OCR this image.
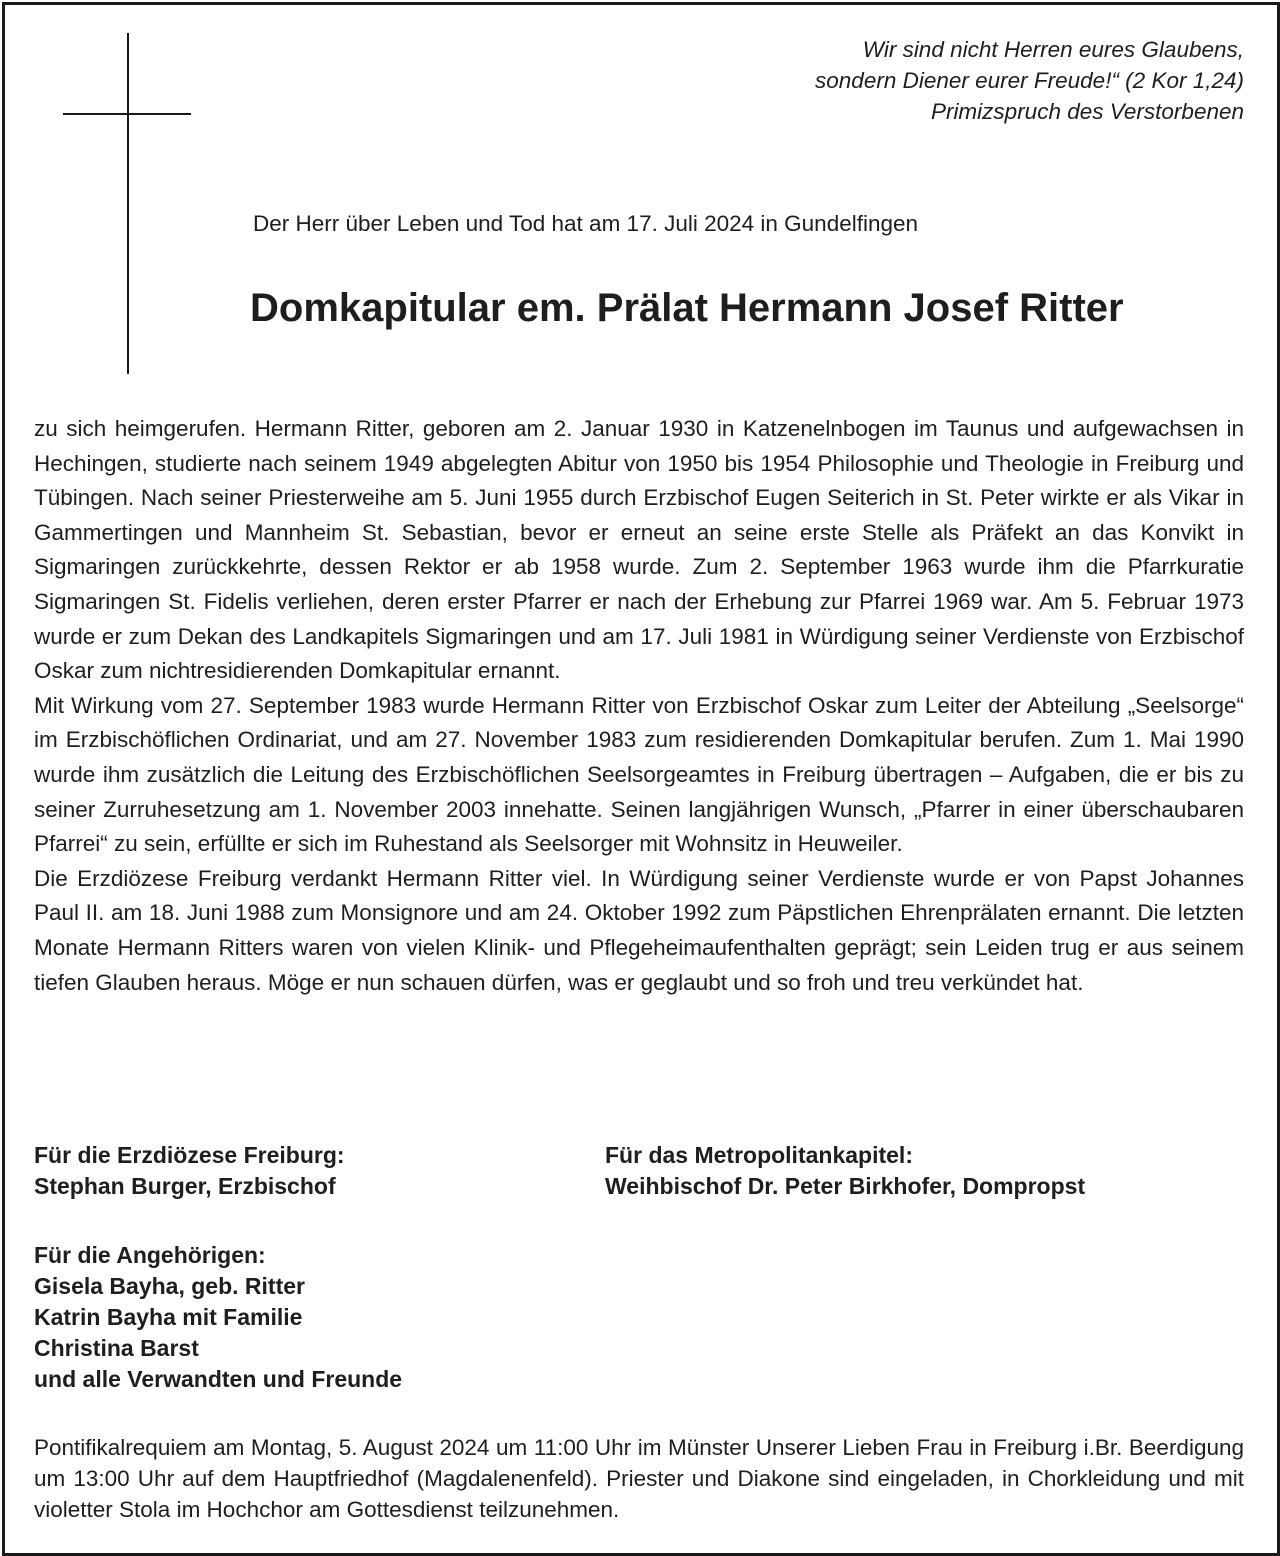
Wir sind nicht Herren eures Glaubens,
sondern Diener eurer Freude!“ (2 Kor 1,24)
Primizspruch des Verstorbenen
Der Herr über Leben und Tod hat am 17. Juli 2024 in Gundelfingen
Domkapitular em. Prälat Hermann Josef Ritter

zu sich heimgerufen. Hermann Ritter, geboren am 2. Januar 1930 in Katzenelnbogen im Taunus und aufgewachsen in Hechingen, studierte nach seinem 1949 abgelegten Abitur von 1950 bis 1954 Philosophie und Theologie in Freiburg und Tübingen. Nach seiner Priesterweihe am 5. Juni 1955 durch Erzbischof Eugen Seiterich in St. Peter wirkte er als Vikar in Gammertingen und Mannheim St. Sebastian, bevor er erneut an seine erste Stelle als Präfekt an das Konvikt in Sigmaringen zurückkehrte, dessen Rektor er ab 1958 wurde. Zum 2. September 1963 wurde ihm die Pfarrkuratie Sigmaringen St. Fidelis verliehen, deren erster Pfarrer er nach der Erhebung zur Pfarrei 1969 war. Am 5. Februar 1973 wurde er zum Dekan des Landkapitels Sigmaringen und am 17. Juli 1981 in Würdigung seiner Verdienste von Erzbischof Oskar zum nichtresidierenden Domkapitular ernannt.

Mit Wirkung vom 27. September 1983 wurde Hermann Ritter von Erzbischof Oskar zum Leiter der Abteilung „Seelsorge“ im Erzbischöflichen Ordinariat, und am 27. November 1983 zum residierenden Domkapitular berufen. Zum 1. Mai 1990 wurde ihm zusätzlich die Leitung des Erzbischöflichen Seelsorgeamtes in Freiburg übertragen – Aufgaben, die er bis zu seiner Zurruhesetzung am 1. November 2003 innehatte. Seinen langjährigen Wunsch, „Pfarrer in einer überschaubaren Pfarrei“ zu sein, erfüllte er sich im Ruhestand als Seelsorger mit Wohnsitz in Heuweiler.

Die Erzdiözese Freiburg verdankt Hermann Ritter viel. In Würdigung seiner Verdienste wurde er von Papst Johannes Paul II. am 18. Juni 1988 zum Monsignore und am 24. Oktober 1992 zum Päpstlichen Ehrenprälaten ernannt. Die letzten Monate Hermann Ritters waren von vielen Klinik- und Pflegeheimaufenthalten geprägt; sein Leiden trug er aus seinem tiefen Glauben heraus. Möge er nun schauen dürfen, was er geglaubt und so froh und treu verkündet hat.

Für die Erzdiözese Freiburg:
Stephan Burger, Erzbischof
Für das Metropolitankapitel:
Weihbischof Dr. Peter Birkhofer, Dompropst
Für die Angehörigen:
Gisela Bayha, geb. Ritter
Katrin Bayha mit Familie
Christina Barst
und alle Verwandten und Freunde
Pontifikalrequiem am Montag, 5. August 2024 um 11:00 Uhr im Münster Unserer Lieben Frau in Freiburg i.Br. Beerdigung um 13:00 Uhr auf dem Hauptfriedhof (Magdalenenfeld). Priester und Diakone sind eingeladen, in Chorkleidung und mit violetter Stola im Hochchor am Gottesdienst teilzunehmen.
